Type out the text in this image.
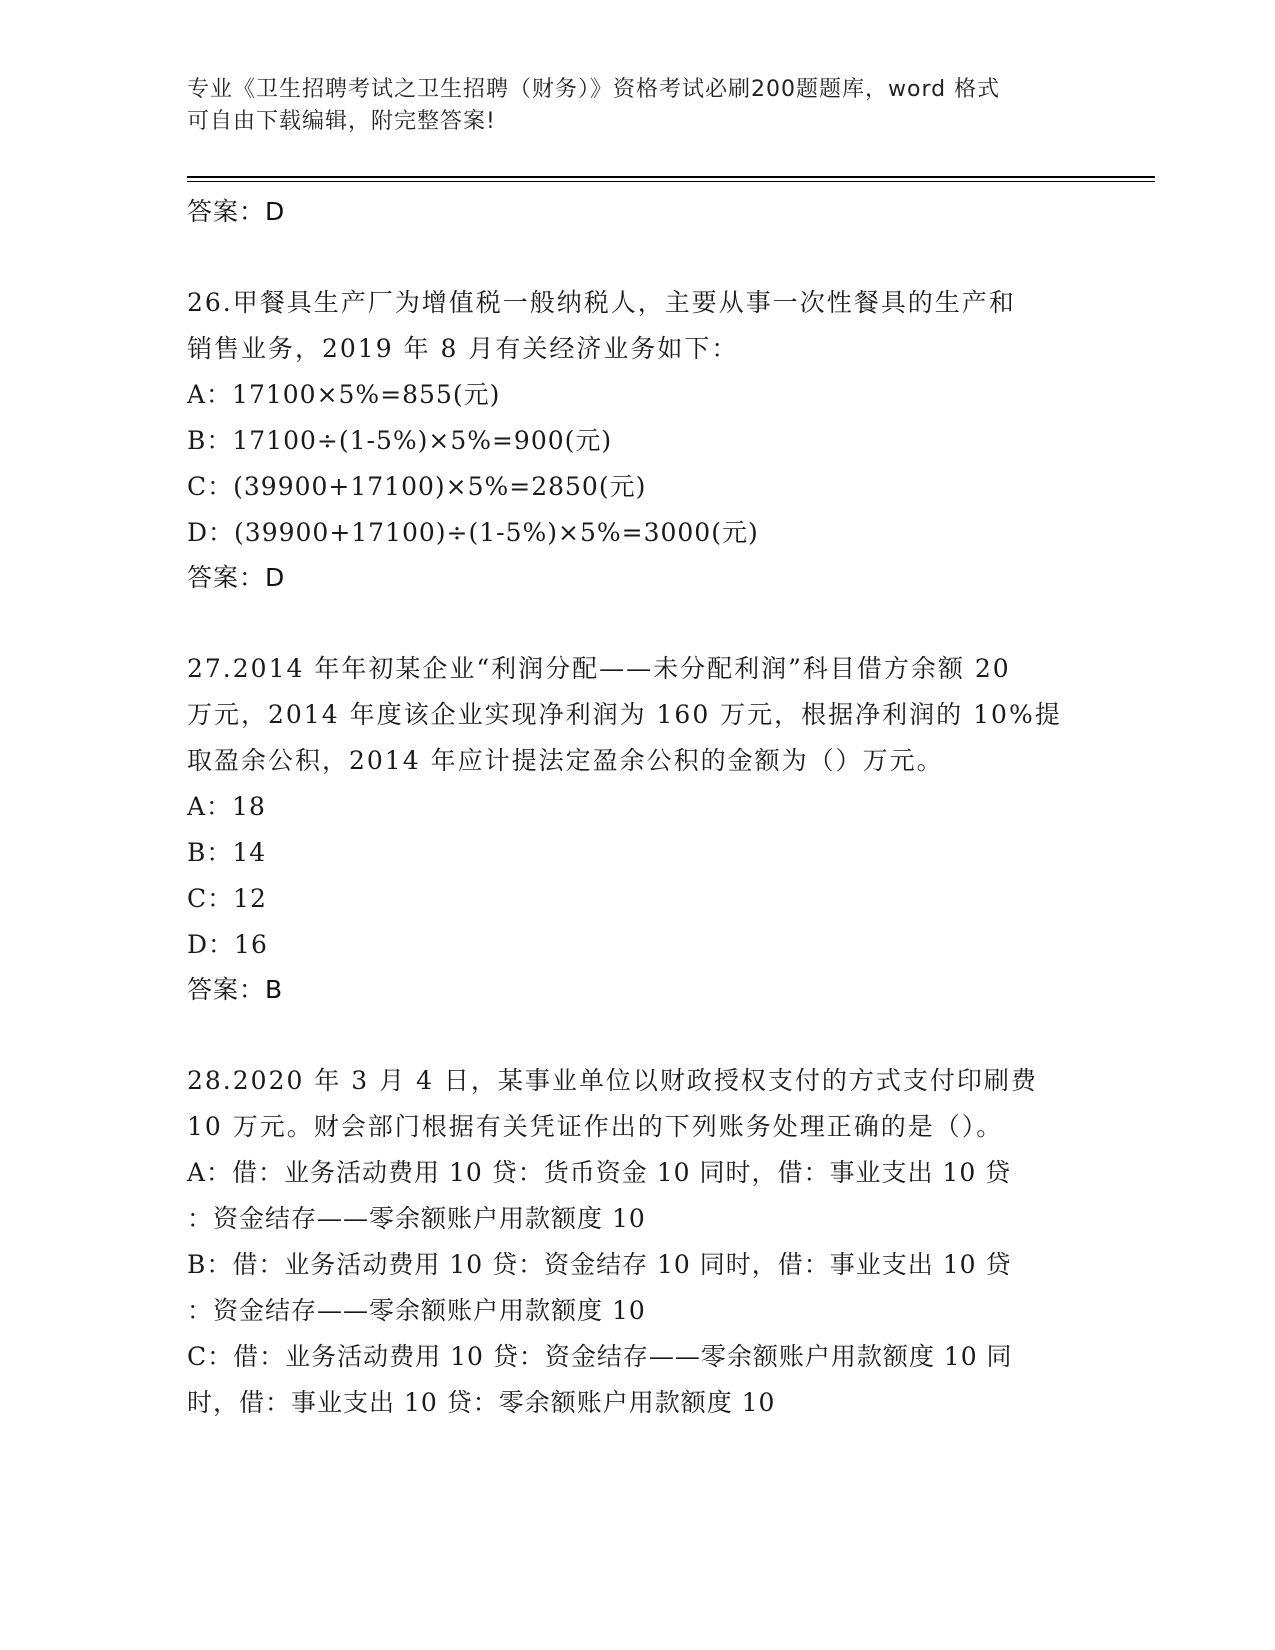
专业《卫生招聘考试之卫生招聘（财务）》资格考试必刷200题题库，word 格式
可自由下载编辑，附完整答案!
答案：D
26.甲餐具生产厂为增值税一般纳税人，主要从事一次性餐具的生产和
销售业务，2019 年 8 月有关经济业务如下：
A：17100×5%=855(元)
B：17100÷(1-5%)×5%=900(元)
C：(39900+17100)×5%=2850(元)
D：(39900+17100)÷(1-5%)×5%=3000(元)
答案：D
27.2014 年年初某企业“利润分配——未分配利润”科目借方余额 20
万元，2014 年度该企业实现净利润为 160 万元，根据净利润的 10%提
取盈余公积，2014 年应计提法定盈余公积的金额为（）万元。
A：18
B：14
C：12
D：16
答案：B
28.2020 年 3 月 4 日，某事业单位以财政授权支付的方式支付印刷费
10 万元。财会部门根据有关凭证作出的下列账务处理正确的是（）。
A：借：业务活动费用 10 贷：货币资金 10 同时，借：事业支出 10 贷
：资金结存——零余额账户用款额度 10
B：借：业务活动费用 10 贷：资金结存 10 同时，借：事业支出 10 贷
：资金结存——零余额账户用款额度 10
C：借：业务活动费用 10 贷：资金结存——零余额账户用款额度 10 同
时，借：事业支出 10 贷：零余额账户用款额度 10
